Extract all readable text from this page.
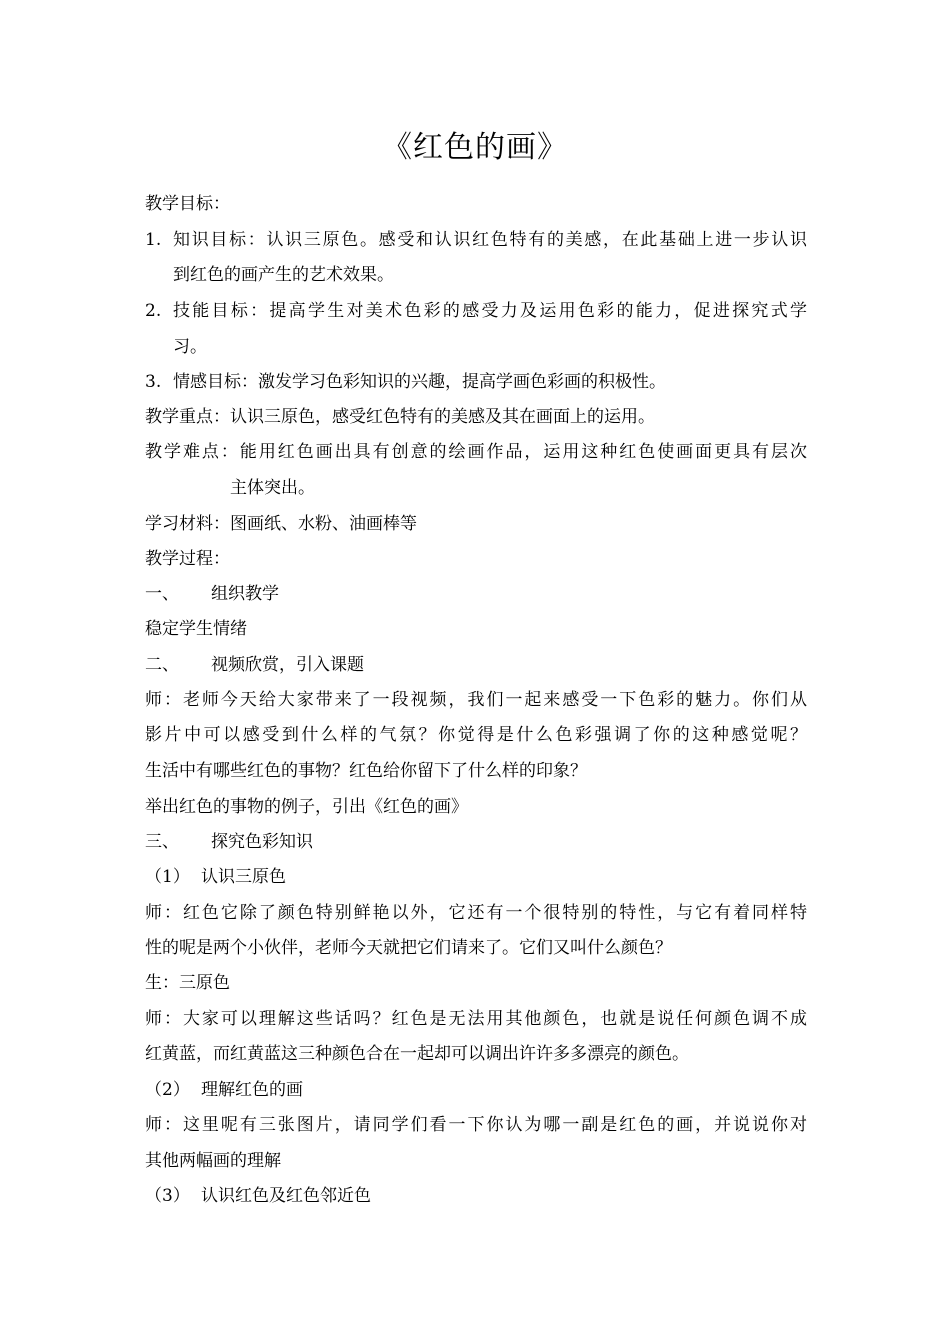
《红色的画》
教学目标：
1. 知识目标：认识三原色。感受和认识红色特有的美感，在此基础上进一步认识
到红色的画产生的艺术效果。
2. 技能目标：提高学生对美术色彩的感受力及运用色彩的能力，促进探究式学
习。
3. 情感目标：激发学习色彩知识的兴趣，提高学画色彩画的积极性。
教学重点：认识三原色，感受红色特有的美感及其在画面上的运用。
教学难点：能用红色画出具有创意的绘画作品，运用这种红色使画面更具有层次
主体突出。
学习材料：图画纸、水粉、油画棒等
教学过程：
一、 组织教学
稳定学生情绪
二、 视频欣赏，引入课题
师：老师今天给大家带来了一段视频，我们一起来感受一下色彩的魅力。你们从
影片中可以感受到什么样的气氛？你觉得是什么色彩强调了你的这种感觉呢？
生活中有哪些红色的事物？红色给你留下了什么样的印象？
举出红色的事物的例子，引出《红色的画》
三、 探究色彩知识
（1） 认识三原色
师：红色它除了颜色特别鲜艳以外，它还有一个很特别的特性，与它有着同样特
性的呢是两个小伙伴，老师今天就把它们请来了。它们又叫什么颜色？
生：三原色
师：大家可以理解这些话吗？红色是无法用其他颜色，也就是说任何颜色调不成
红黄蓝，而红黄蓝这三种颜色合在一起却可以调出许许多多漂亮的颜色。
（2） 理解红色的画
师：这里呢有三张图片，请同学们看一下你认为哪一副是红色的画，并说说你对
其他两幅画的理解
（3） 认识红色及红色邻近色
